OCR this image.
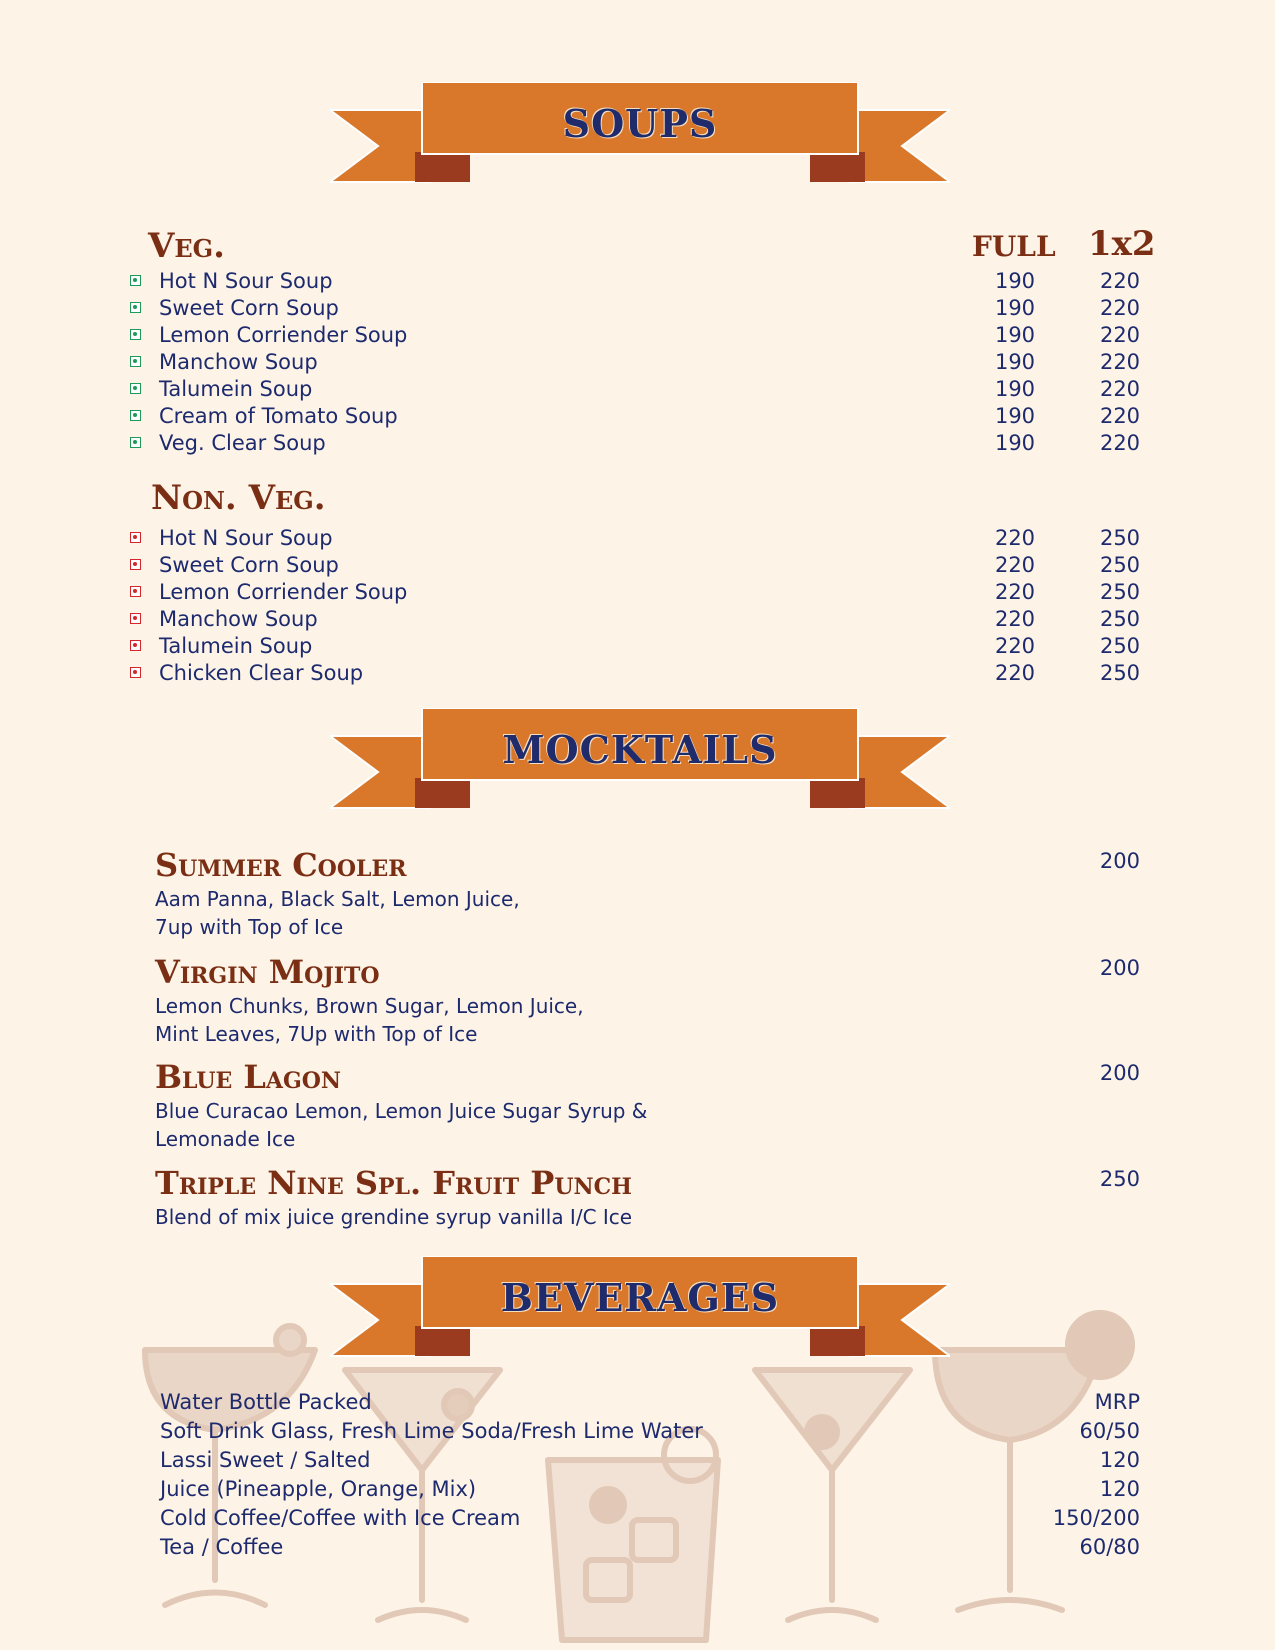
SOUPS
Veg.	FULL 1x2
Hot N Sour Soup	190	220
Sweet Corn Soup	190	220
Lemon Corriender Soup	190	220
Manchow Soup	190	220
Talumein Soup	190	220
Cream of Tomato Soup	190	220
Veg. Clear Soup	190	220
Non. Veg.
Hot N Sour Soup	220	250
Sweet Corn Soup	220	250
Lemon Corriender Soup	220	250
Manchow Soup	220	250
Talumein Soup	220	250
Chicken Clear Soup	220	250
MOCKTAILS
Summer Cooler
Aam Panna, Black Salt, Lemon Juice, 7up with Top of Ice
200
Virgin Mojito
Lemon Chunks, Brown Sugar, Lemon Juice, Mint Leaves, 7Up with Top of Ice
200
Blue Lagon
Blue Curacao Lemon, Lemon Juice Sugar Syrup & Lemonade Ice
200
Triple Nine Spl. Fruit Punch
Blend of mix juice grendine syrup vanilla I/C Ice
250
BEVERAGES
Water Bottle Packed	MRP
Soft Drink Glass, Fresh Lime Soda/Fresh Lime Water	60/50
Lassi Sweet / Salted	120
Juice (Pineapple, Orange, Mix)	120
Cold Coffee/Coffee with Ice Cream	150/200
Tea / Coffee	60/80
